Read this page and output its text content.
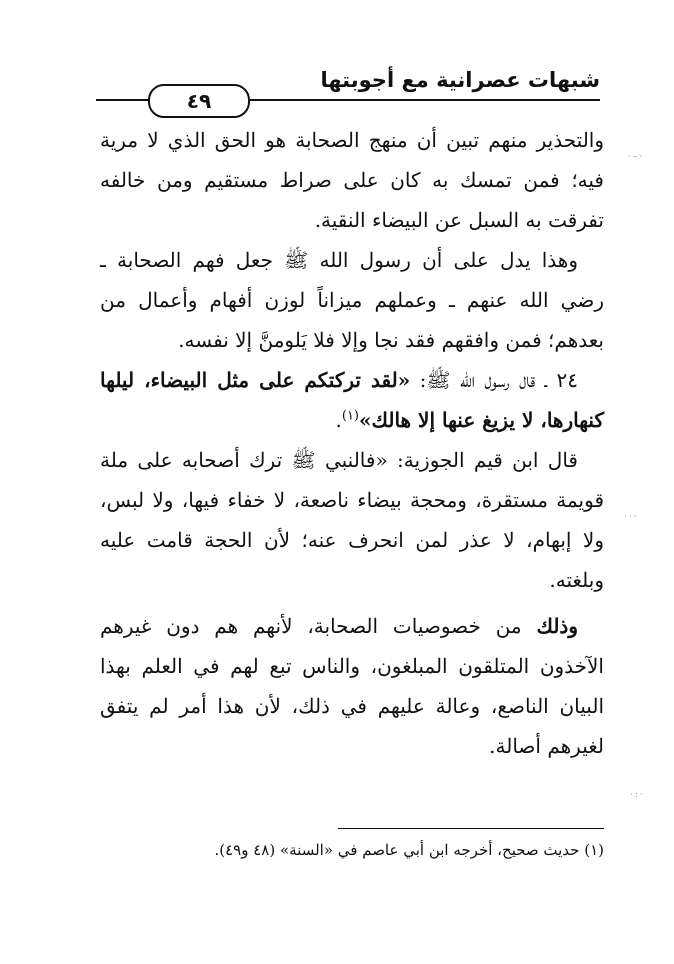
شبهات عصرانية مع أجوبتها
٤٩

والتحذير منهم تبين أن منهج الصحابة هو الحق الذي لا مرية فيه؛ فمن تمسك به كان على صراط مستقيم ومن خالفه تفرقت به السبل عن البيضاء النقية.

وهذا يدل على أن رسول الله ﷺ جعل فهم الصحابة ـ رضي الله عنهم ـ وعملهم ميزاناً لوزن أفهام وأعمال من بعدهم؛ فمن وافقهم فقد نجا وإلا فلا يَلومنَّ إلا نفسه.

٢٤ ـ قال رسول الله ﷺ: «لقد تركتكم على مثل البيضاء، ليلها كنهارها، لا يزيغ عنها إلا هالك»$^{(١)}$.

قال ابن قيم الجوزية: «فالنبي ﷺ ترك أصحابه على ملة قويمة مستقرة، ومحجة بيضاء ناصعة، لا خفاء فيها، ولا لبس، ولا إبهام، لا عذر لمن انحرف عنه؛ لأن الحجة قامت عليه وبلغته.

وذلك من خصوصيات الصحابة، لأنهم هم دون غيرهم الآخذون المتلقون المبلغون، والناس تبع لهم في العلم بهذا البيان الناصع، وعالة عليهم في ذلك، لأن هذا أمر لم يتفق لغيرهم أصالة.

(١) حديث صحيح، أخرجه ابن أبي عاصم في «السنة» (٤٨ و٤٩).
·–·
···
·:·
